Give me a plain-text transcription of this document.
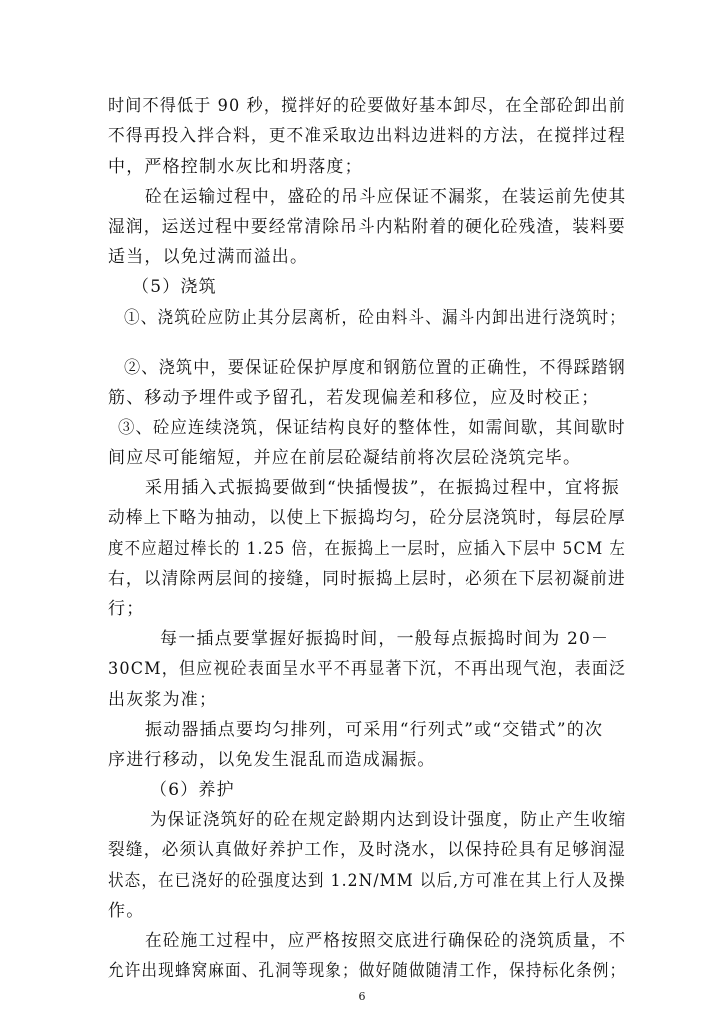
时间不得低于 90 秒，搅拌好的砼要做好基本卸尽，在全部砼卸出前

不得再投入拌合料，更不准采取边出料边进料的方法，在搅拌过程

中，严格控制水灰比和坍落度；

砼在运输过程中，盛砼的吊斗应保证不漏浆，在装运前先使其

湿润，运送过程中要经常清除吊斗内粘附着的硬化砼残渣，装料要

适当，以免过满而溢出。

（5）浇筑

①、浇筑砼应防止其分层离析，砼由料斗、漏斗内卸出进行浇筑时；

②、浇筑中，要保证砼保护厚度和钢筋位置的正确性，不得踩踏钢

筋、移动予埋件或予留孔，若发现偏差和移位，应及时校正；

③、砼应连续浇筑，保证结构良好的整体性，如需间歇，其间歇时

间应尽可能缩短，并应在前层砼凝结前将次层砼浇筑完毕。

采用插入式振捣要做到“快插慢拔”，在振捣过程中，宜将振

动棒上下略为抽动，以使上下振捣均匀，砼分层浇筑时，每层砼厚

度不应超过棒长的 1.25 倍，在振捣上一层时，应插入下层中 5CM 左

右，以清除两层间的接缝，同时振捣上层时，必须在下层初凝前进

行；

每一插点要掌握好振捣时间，一般每点振捣时间为 20－

30CM，但应视砼表面呈水平不再显著下沉，不再出现气泡，表面泛

出灰浆为准；

振动器插点要均匀排列，可采用“行列式”或“交错式”的次

序进行移动，以免发生混乱而造成漏振。

（6）养护

为保证浇筑好的砼在规定龄期内达到设计强度，防止产生收缩

裂缝，必须认真做好养护工作，及时浇水，以保持砼具有足够润湿

状态，在已浇好的砼强度达到 1.2N/MM 以后,方可准在其上行人及操

作。

在砼施工过程中，应严格按照交底进行确保砼的浇筑质量，不

允许出现蜂窝麻面、孔洞等现象；做好随做随清工作，保持标化条例；

6
